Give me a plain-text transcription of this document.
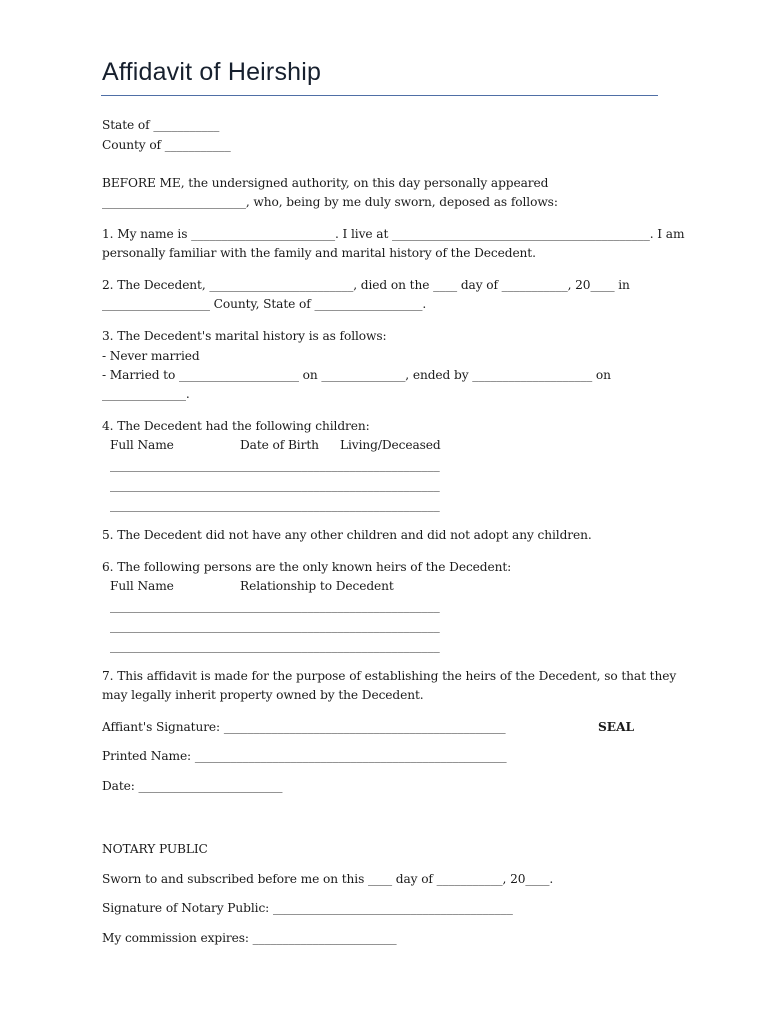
Affidavit of Heirship
State of ___________
County of ___________
BEFORE ME, the undersigned authority, on this day personally appeared
________________________, who, being by me duly sworn, deposed as follows:
1. My name is ________________________. I live at ___________________________________________. I am
personally familiar with the family and marital history of the Decedent.
2. The Decedent, ________________________, died on the ____ day of ___________, 20____ in
__________________ County, State of __________________.
3. The Decedent's marital history is as follows:
- Never married
- Married to ____________________ on ______________, ended by ____________________ on
______________.
4. The Decedent had the following children:
Full Name	Date of Birth Living/Deceased
_______________________________________________________
_______________________________________________________
_______________________________________________________
5. The Decedent did not have any other children and did not adopt any children.
6. The following persons are the only known heirs of the Decedent:
Full Name	Relationship to Decedent
_______________________________________________________
_______________________________________________________
_______________________________________________________
7. This affidavit is made for the purpose of establishing the heirs of the Decedent, so that they
may legally inherit property owned by the Decedent.
Affiant's Signature: _______________________________________________	SEAL
Printed Name: ____________________________________________________
Date: ________________________
NOTARY PUBLIC
Sworn to and subscribed before me on this ____ day of ___________, 20____.
Signature of Notary Public: ________________________________________
My commission expires: ________________________
